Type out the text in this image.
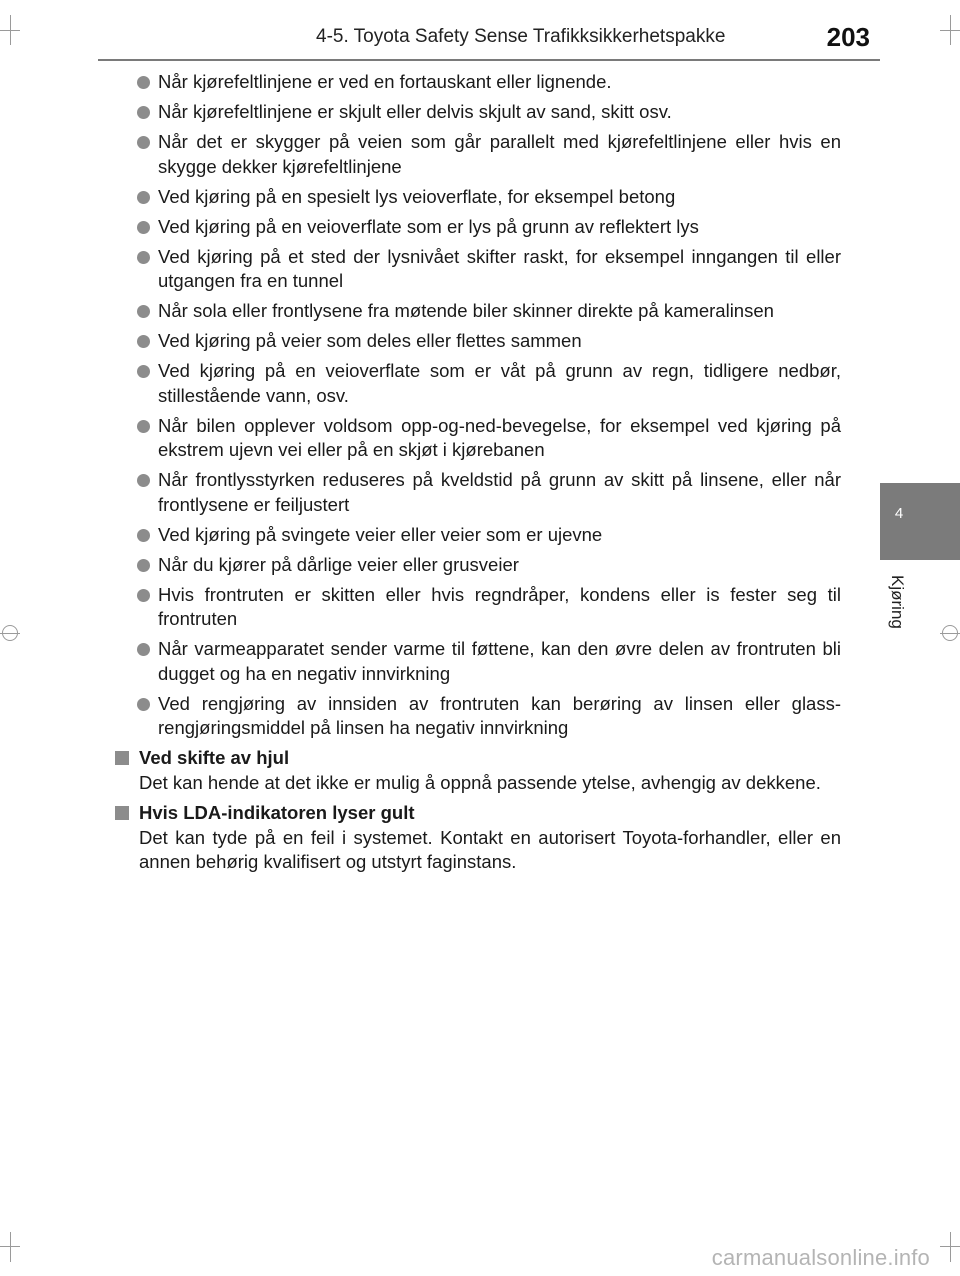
4-5. Toyota Safety Sense Trafikksikkerhetspakke	203
4
Kjøring
Når kjørefeltlinjene er ved en fortauskant eller lignende.
Når kjørefeltlinjene er skjult eller delvis skjult av sand, skitt osv.
Når det er skygger på veien som går parallelt med kjørefeltlinjene eller hvis en skygge dekker kjørefeltlinjene
Ved kjøring på en spesielt lys veioverflate, for eksempel betong
Ved kjøring på en veioverflate som er lys på grunn av reflektert lys
Ved kjøring på et sted der lysnivået skifter raskt, for eksempel inngangen til eller utgangen fra en tunnel
Når sola eller frontlysene fra møtende biler skinner direkte på kameralinsen
Ved kjøring på veier som deles eller flettes sammen
Ved kjøring på en veioverflate som er våt på grunn av regn, tidligere nedbør, stillestående vann, osv.
Når bilen opplever voldsom opp-og-ned-bevegelse, for eksempel ved kjøring på ekstrem ujevn vei eller på en skjøt i kjørebanen
Når frontlysstyrken reduseres på kveldstid på grunn av skitt på linsene, eller når frontlysene er feiljustert
Ved kjøring på svingete veier eller veier som er ujevne
Når du kjører på dårlige veier eller grusveier
Hvis frontruten er skitten eller hvis regndråper, kondens eller is fester seg til frontruten
Når varmeapparatet sender varme til føttene, kan den øvre delen av frontruten bli dugget og ha en negativ innvirkning
Ved rengjøring av innsiden av frontruten kan berøring av linsen eller glass-rengjøringsmiddel på linsen ha negativ innvirkning
Ved skifte av hjul
Det kan hende at det ikke er mulig å oppnå passende ytelse, avhengig av dekkene.
Hvis LDA-indikatoren lyser gult
Det kan tyde på en feil i systemet. Kontakt en autorisert Toyota-forhandler, eller en annen behørig kvalifisert og utstyrt faginstans.
carmanualsonline.info
